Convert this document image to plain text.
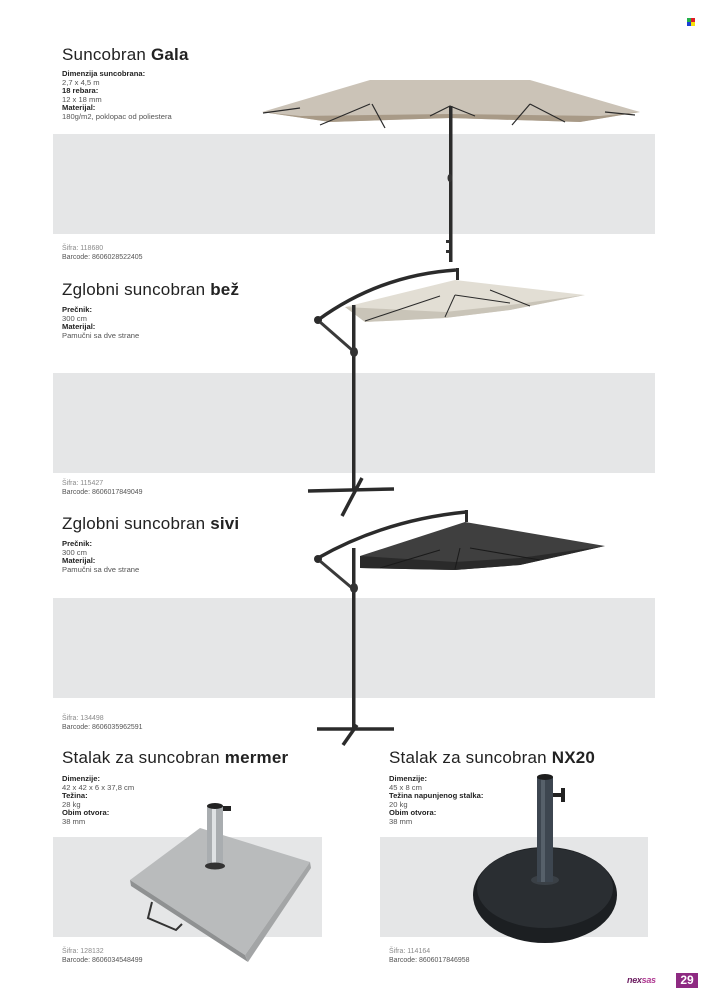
Suncobran Gala
Dimenzija suncobrana:
2,7 x 4,5 m
18 rebara:
12 x 18 mm
Materijal:
180g/m2, poklopac od poliestera
Šifra: 118680
Barcode: 8606028522405
Zglobni suncobran bež
Prečnik:
300 cm
Materijal:
Pamučni sa dve strane
Šifra: 115427
Barcode: 8606017849049
Zglobni suncobran sivi
Prečnik:
300 cm
Materijal:
Pamučni sa dve strane
Šifra: 134498
Barcode: 8606035962591
Stalak za suncobran mermer
Dimenzije:
42 x 42 x 6 x 37,8 cm
Težina:
28 kg
Obim otvora:
38 mm
Šifra: 128132
Barcode: 8606034548499
Stalak za suncobran NX20
Dimenzije:
45 x 8 cm
Težina napunjenog stalka:
20 kg
Obim otvora:
38 mm
Šifra: 114164
Barcode: 8606017846958
nexsas	29
